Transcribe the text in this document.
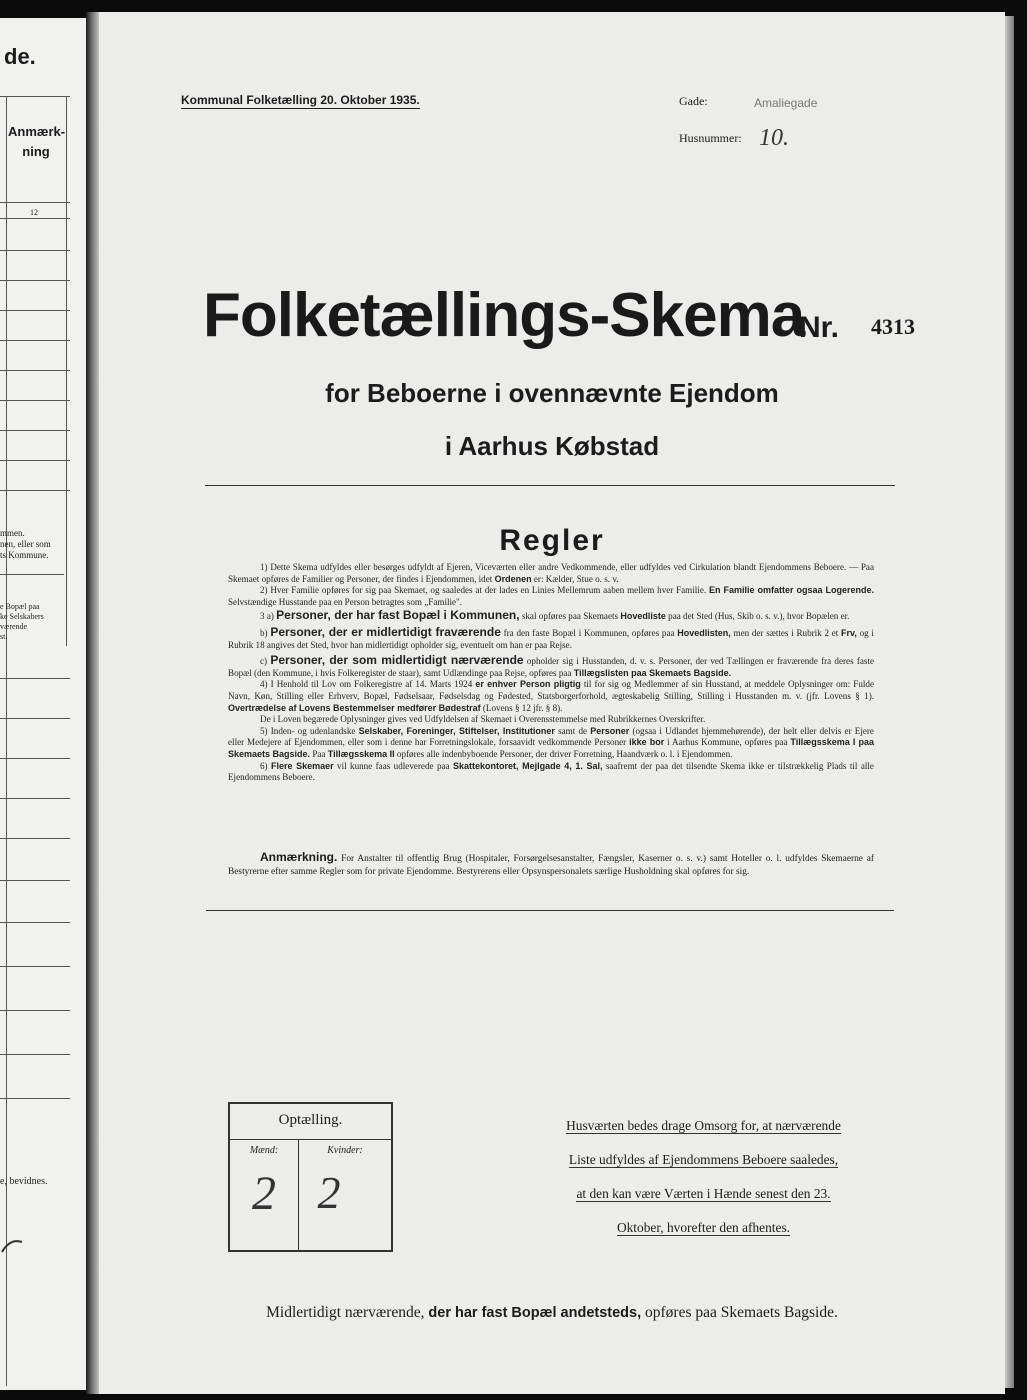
de.
Anmærk-
ning
12
mmen.
nen, eller som
ts Kommune.
e Bopæl paa
ke Selskabers
værende
st.
e, bevidnes.
Kommunal Folketælling 20. Oktober 1935.	Gade:	Amaliegade
Husnummer: 10.
Folketællings-Skema
Nr. 4313
for Beboerne i ovennævnte Ejendom
i Aarhus Købstad
Regler

1) Dette Skema udfyldes eller besørges udfyldt af Ejeren, Viceværten eller andre Vedkommende, eller udfyldes ved Cirkulation blandt Ejendommens Beboere. — Paa Skemaet opføres de Familier og Personer, der findes i Ejendommen, idet Ordenen er: Kælder, Stue o. s. v.

2) Hver Familie opføres for sig paa Skemaet, og saaledes at der lades en Linies Mellemrum aaben mellem hver Familie. En Familie omfatter ogsaa Logerende. Selvstændige Husstande paa en Person betragtes som „Familie".

3 a) Personer, der har fast Bopæl i Kommunen, skal opføres paa Skemaets Hovedliste paa det Sted (Hus, Skib o. s. v.), hvor Bopælen er.

b) Personer, der er midlertidigt fraværende fra den faste Bopæl i Kommunen, opføres paa Hovedlisten, men der sættes i Rubrik 2 et Frv, og i Rubrik 18 angives det Sted, hvor han midlertidigt opholder sig, eventuelt om han er paa Rejse.

c) Personer, der som midlertidigt nærværende opholder sig i Husstanden, d. v. s. Personer, der ved Tællingen er fraværende fra deres faste Bopæl (den Kommune, i hvis Folkeregister de staar), samt Udlændinge paa Rejse, opføres paa Tillægslisten paa Skemaets Bagside.

4) I Henhold til Lov om Folkeregistre af 14. Marts 1924 er enhver Person pligtig til for sig og Medlemmer af sin Husstand, at meddele Oplysninger om: Fulde Navn, Køn, Stilling eller Erhverv, Bopæl, Fødselsaar, Fødselsdag og Fødested, Statsborgerforhold, ægteskabelig Stilling, Stilling i Husstanden m. v. (jfr. Lovens § 1). Overtrædelse af Lovens Bestemmelser medfører Bødestraf (Lovens § 12 jfr. § 8).

De i Loven begærede Oplysninger gives ved Udfyldelsen af Skemaet i Overensstemmelse med Rubrikkernes Overskrifter.

5) Inden- og udenlandske Selskaber, Foreninger, Stiftelser, Institutioner samt de Personer (ogsaa i Udlandet hjemmehørende), der helt eller delvis er Ejere eller Medejere af Ejendommen, eller som i denne har Forretningslokale, forsaavidt vedkommende Personer ikke bor i Aarhus Kommune, opføres paa Tillægsskema I paa Skemaets Bagside. Paa Tillægsskema II opføres alle indenbyboende Personer, der driver Forretning, Haandværk o. l. i Ejendommen.

6) Flere Skemaer vil kunne faas udleverede paa Skattekontoret, Mejlgade 4, 1. Sal, saafremt der paa det tilsendte Skema ikke er tilstrækkelig Plads til alle Ejendommens Beboere.

Anmærkning. For Anstalter til offentlig Brug (Hospitaler, Forsørgelsesanstalter, Fængsler, Kaserner o. s. v.) samt Hoteller o. l. udfyldes Skemaerne af Bestyrerne efter samme Regler som for private Ejendomme. Bestyrerens eller Opsynspersonalets særlige Husholdning skal opføres for sig.

Optælling.
Mænd:	Kvinder:
2 2
Husværten bedes drage Omsorg for, at nærværende
Liste udfyldes af Ejendommens Beboere saaledes,
at den kan være Værten i Hænde senest den 23.
Oktober, hvorefter den afhentes.
Midlertidigt nærværende, der har fast Bopæl andetsteds, opføres paa Skemaets Bagside.
